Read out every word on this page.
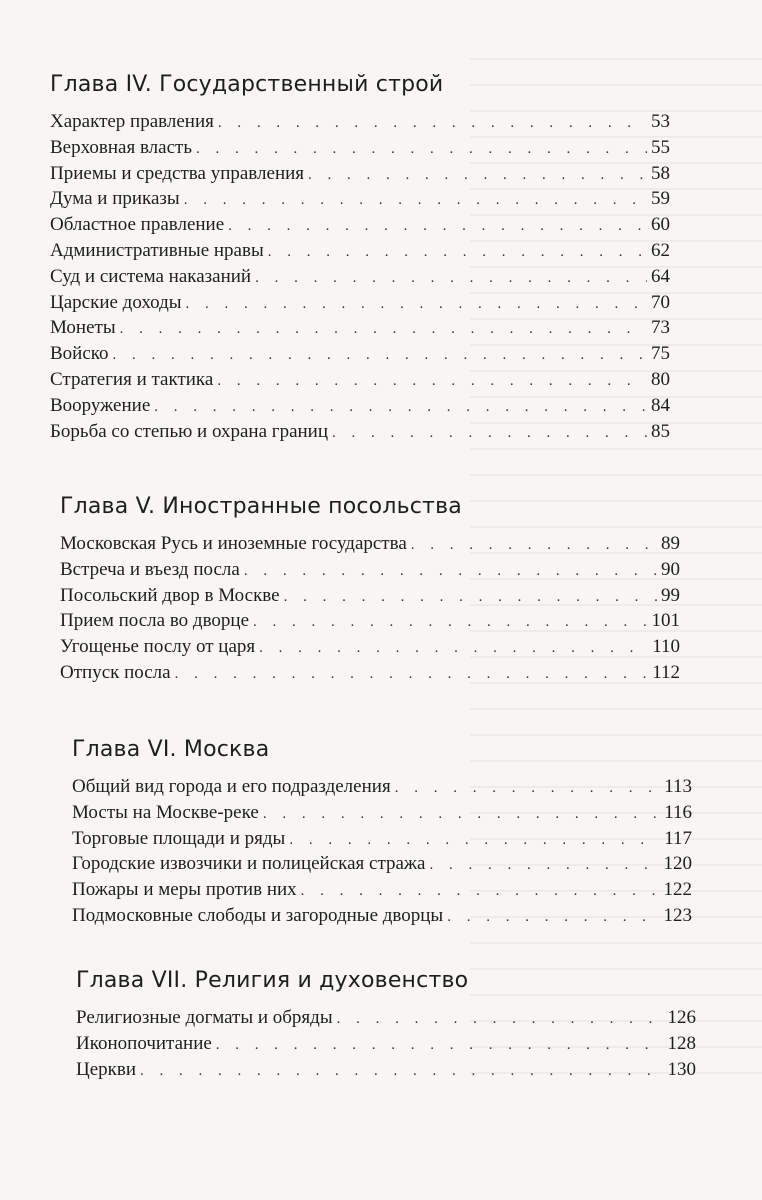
Глава IV. Государственный строй
Характер правления . . .	53
Верховная власть . . .	55
Приемы и средства управления . . .	58
Дума и приказы . . .	59
Областное правление . . .	60
Административные нравы . . .	62
Суд и система наказаний . . .	64
Царские доходы . . .	70
Монеты . . .	73
Войско . . .	75
Стратегия и тактика . . .	80
Вооружение . . .	84
Борьба со степью и охрана границ . . .	85
Глава V. Иностранные посольства
Московская Русь и иноземные государства . . .	89
Встреча и въезд посла . . .	90
Посольский двор в Москве . . .	99
Прием посла во дворце . . .	101
Угощенье послу от царя . . .	110
Отпуск посла . . .	112
Глава VI. Москва
Общий вид города и его подразделения . . .	113
Мосты на Москве-реке . . .	116
Торговые площади и ряды . . .	117
Городские извозчики и полицейская стража . . .	120
Пожары и меры против них . . .	122
Подмосковные слободы и загородные дворцы . . .	123
Глава VII. Религия и духовенство
Религиозные догматы и обряды . . .	126
Иконопочитание . . .	128
Церкви . . .	130
